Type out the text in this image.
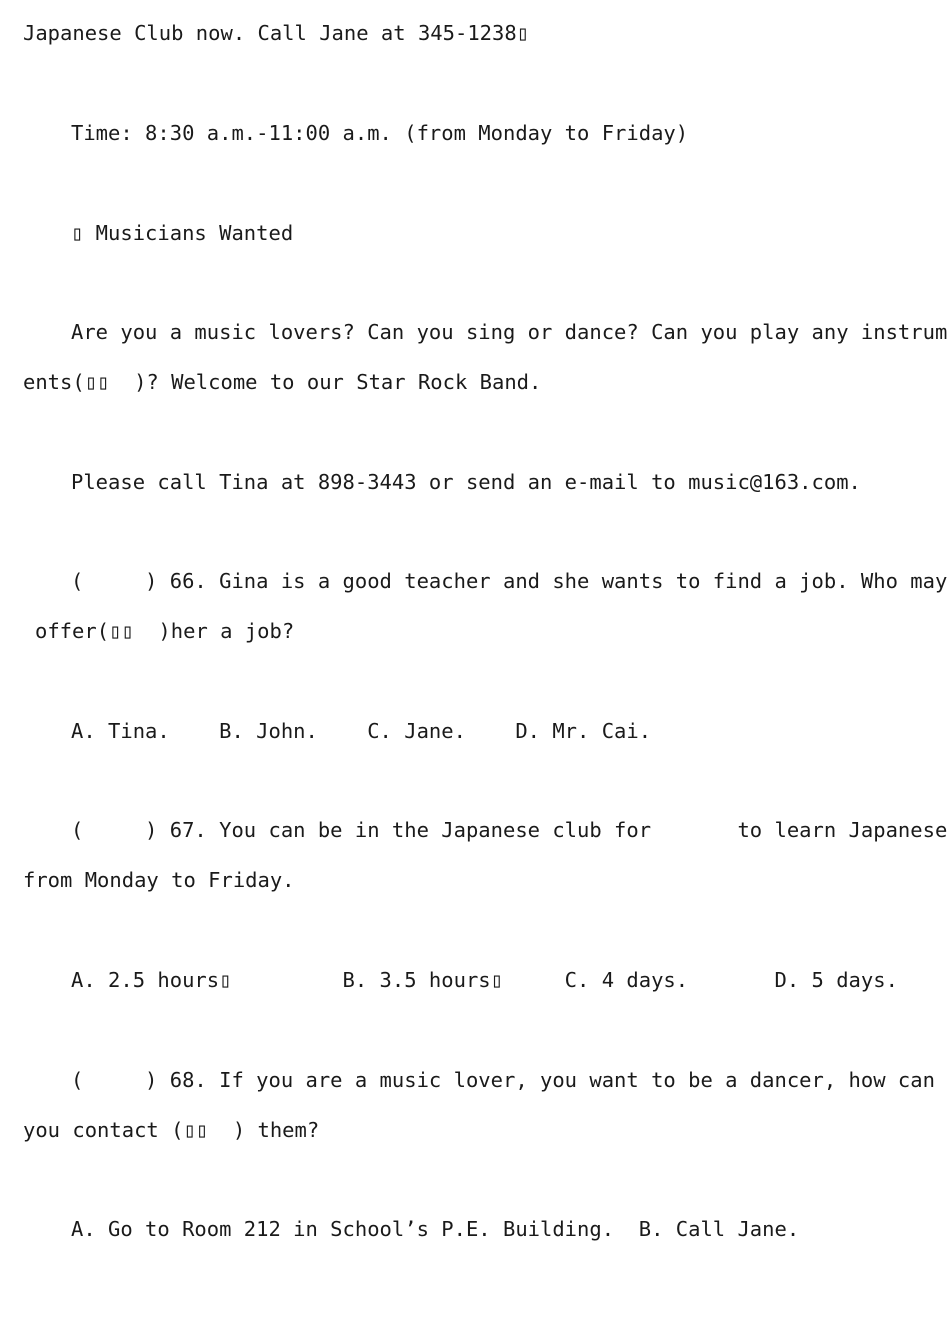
Japanese Club now. Call Jane at 345-1238▯
Time: 8:30 a.m.-11:00 a.m. (from Monday to Friday)
▯ Musicians Wanted
Are you a music lovers? Can you sing or dance? Can you play any instrum
ents(▯▯  )? Welcome to our Star Rock Band.
Please call Tina at 898-3443 or send an e-mail to music@163.com.
(     ) 66. Gina is a good teacher and she wants to find a job. Who may
offer(▯▯  )her a job?
A. Tina.    B. John.    C. Jane.    D. Mr. Cai.
(     ) 67. You can be in the Japanese club for       to learn Japanese
from Monday to Friday.
A. 2.5 hours▯         B. 3.5 hours▯     C. 4 days.       D. 5 days.
(     ) 68. If you are a music lover, you want to be a dancer, how can
you contact (▯▯  ) them?
A. Go to Room 212 in School’s P.E. Building.  B. Call Jane.
